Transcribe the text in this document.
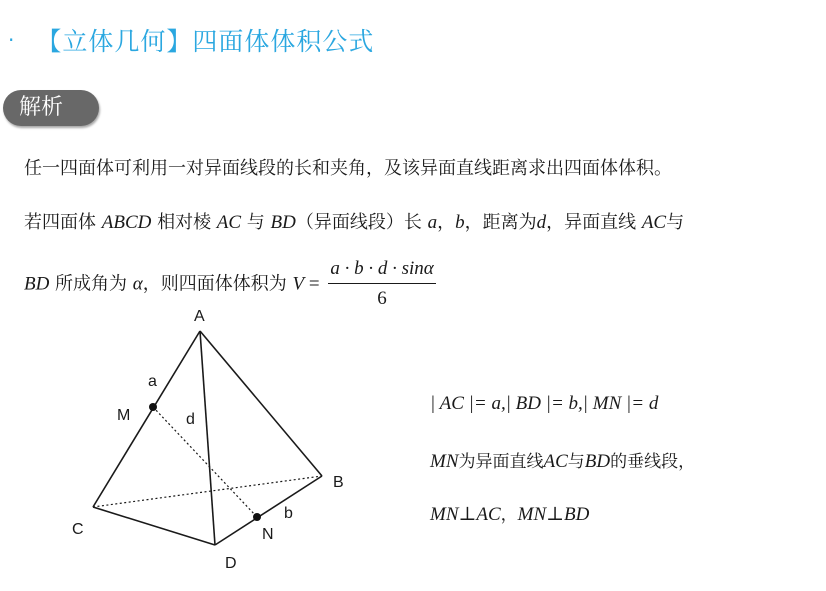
· 【立体几何】四面体体积公式
解析
任一四面体可利用一对异面线段的长和夹角，及该异面直线距离求出四面体体积。
若四面体 ABCD 相对棱 AC 与 BD（异面线段）长 a，b，距离为d，异面直线 AC与
BD 所成角为 α，则四面体体积为 $V = \frac{a \cdot b \cdot d \cdot \sin\alpha}{6}$
A
B
C
D
M
N
a
b
d
| AC |= a,| BD |= b,| MN |= d
MN为异面直线AC与BD的垂线段，
MN⊥AC，MN⊥BD
